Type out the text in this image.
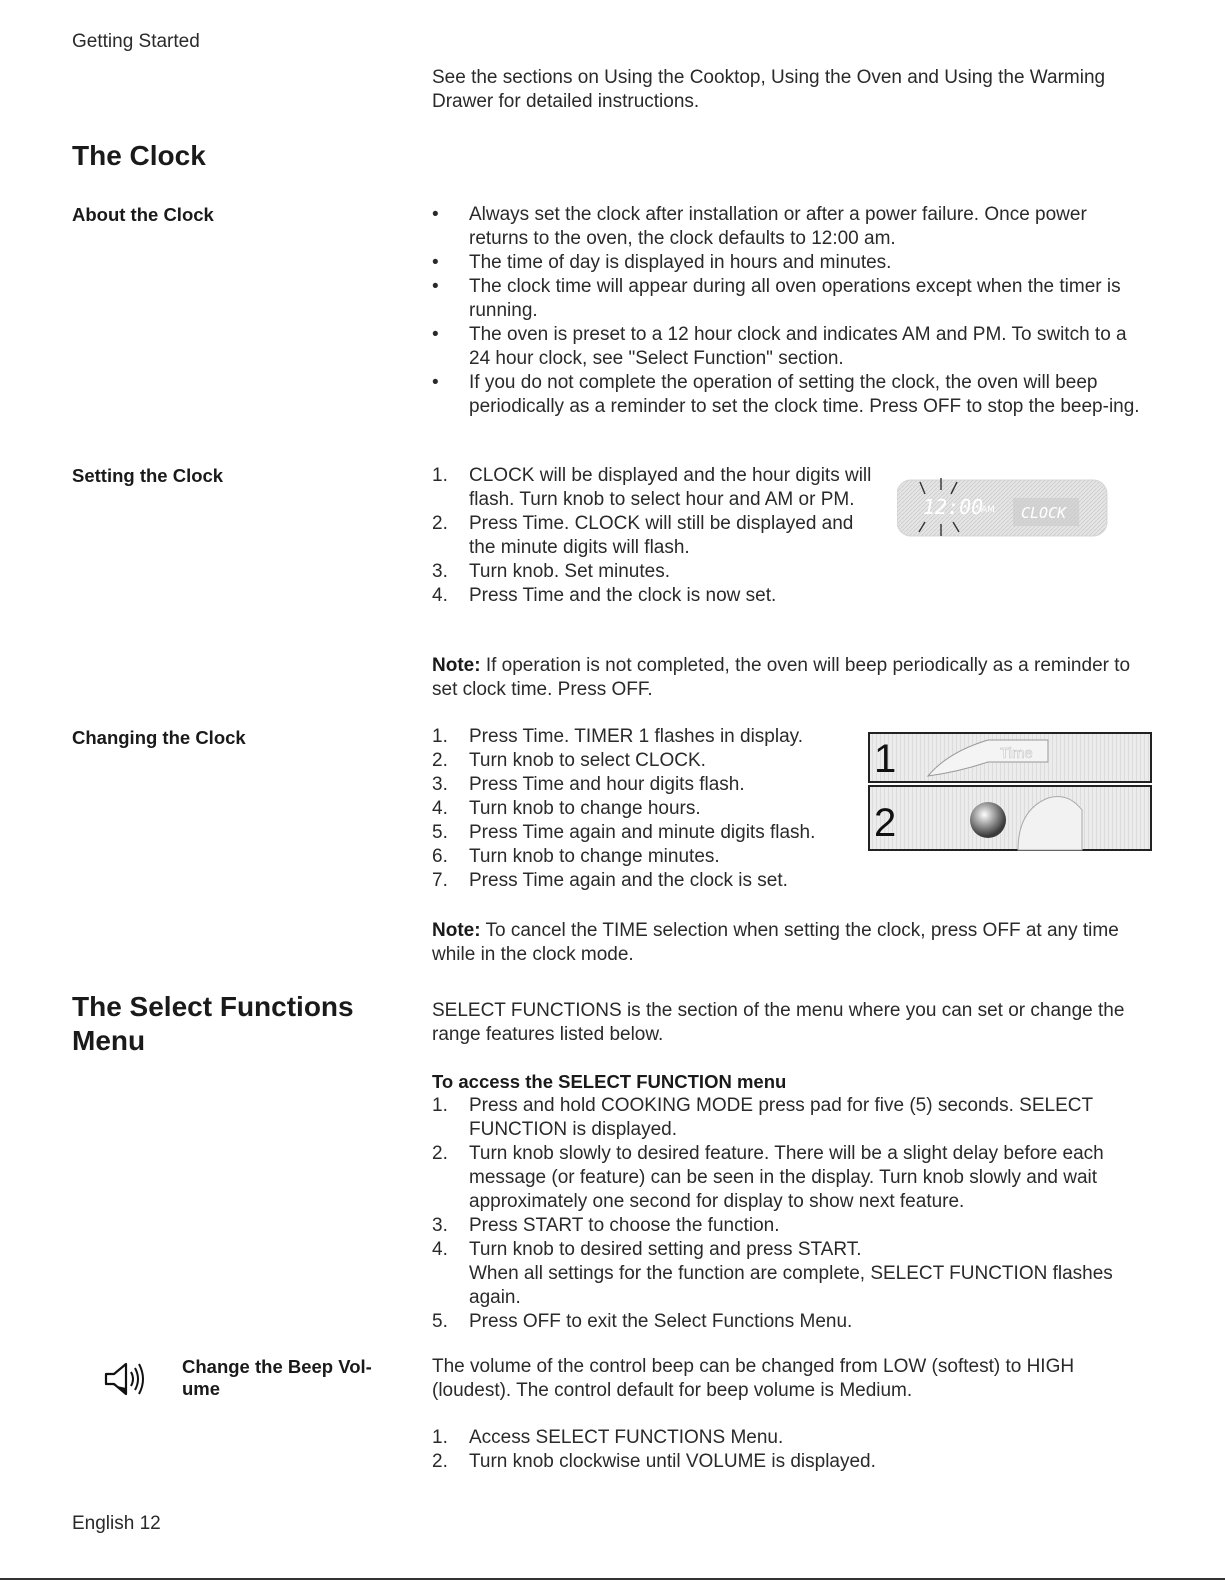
Getting Started
See the sections on Using the Cooktop, Using the Oven and Using the Warming Drawer for detailed instructions.
The Clock
About the Clock	•	Always set the clock after installation or after a power failure. Once power returns to the oven, the clock defaults to 12:00 am.
•	The time of day is displayed in hours and minutes.
•	The clock time will appear during all oven operations except when the timer is running.
•	The oven is preset to a 12 hour clock and indicates AM and PM. To switch to a 24 hour clock, see "Select Function" section.
•	If you do not complete the operation of setting the clock, the oven will beep periodically as a reminder to set the clock time. Press OFF to stop the beep-ing.
Setting the Clock	1.	CLOCK will be displayed and the hour digits will flash. Turn knob to select hour and AM or PM.
2.	Press Time. CLOCK will still be displayed and the minute digits will flash.
3.	Turn knob. Set minutes.
4.	Press Time and the clock is now set.
12:00
AM CLOCK
Note: If operation is not completed, the oven will beep periodically as a reminder to set clock time. Press OFF.
Changing the Clock	1.	Press Time. TIMER 1 flashes in display.
2.	Turn knob to select CLOCK.
3.	Press Time and hour digits flash.
4.	Turn knob to change hours.
5.	Press Time again and minute digits flash.
6.	Turn knob to change minutes.
7.	Press Time again and the clock is set.
1
2
Time
Note: To cancel the TIME selection when setting the clock, press OFF at any time while in the clock mode.
The Select Functions
Menu
SELECT FUNCTIONS is the section of the menu where you can set or change the range features listed below.
To access the SELECT FUNCTION menu
1.	Press and hold COOKING MODE press pad for five (5) seconds. SELECT FUNCTION is displayed.
2.	Turn knob slowly to desired feature. There will be a slight delay before each message (or feature) can be seen in the display. Turn knob slowly and wait approximately one second for display to show next feature.
3.	Press START to choose the function.
4.	Turn knob to desired setting and press START.
When all settings for the function are complete, SELECT FUNCTION flashes again.
5.	Press OFF to exit the Select Functions Menu.
Change the Beep Vol-
ume
The volume of the control beep can be changed from LOW (softest) to HIGH (loudest). The control default for beep volume is Medium.
1.	Access SELECT FUNCTIONS Menu.
2.	Turn knob clockwise until VOLUME is displayed.
English 12
